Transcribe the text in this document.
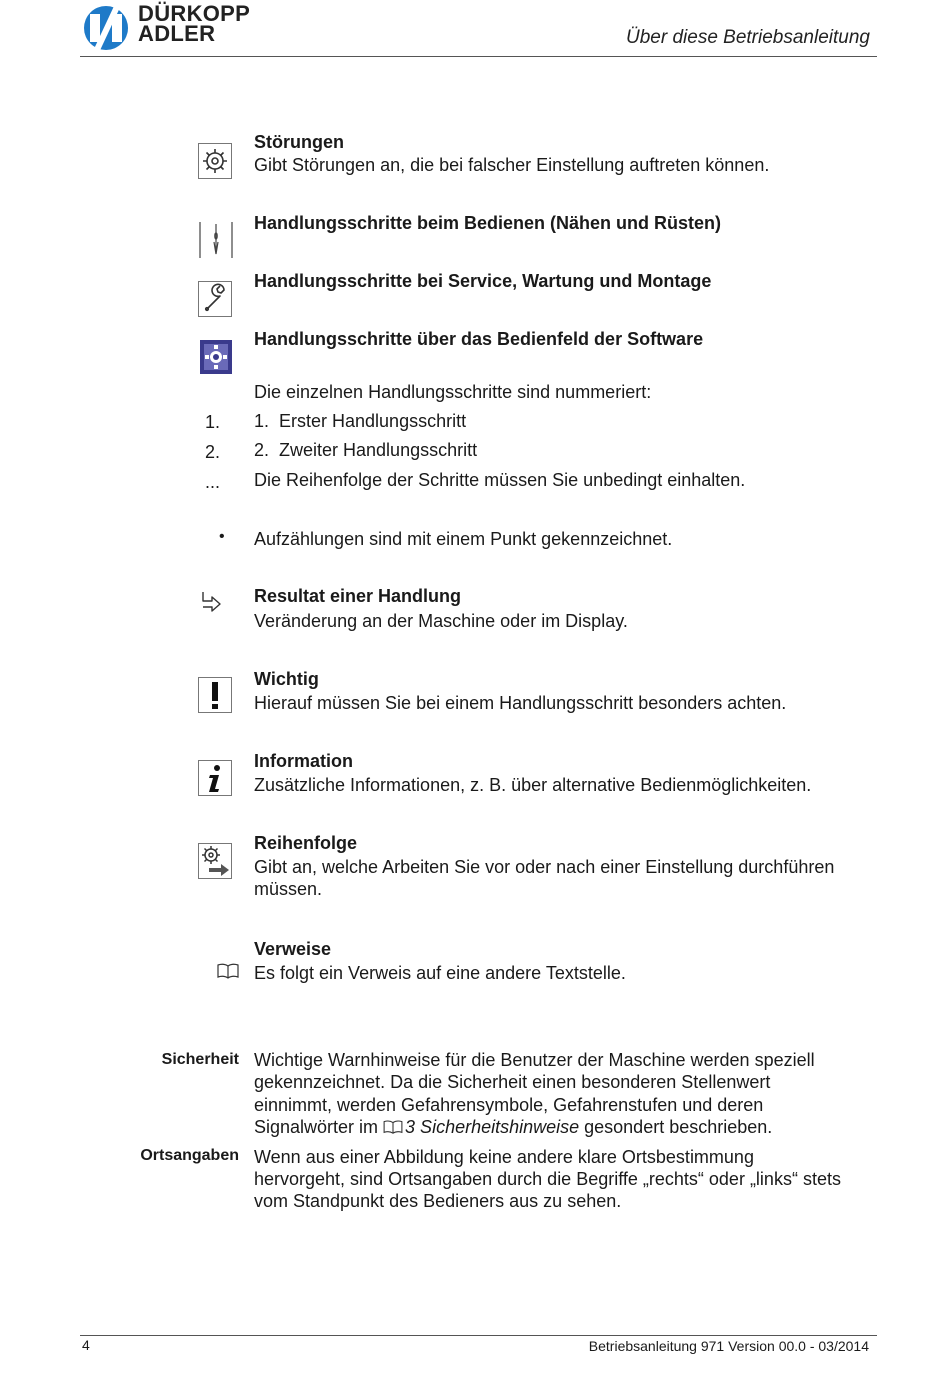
DÜRKOPP
ADLER	Über diese Betriebsanleitung
Störungen
Gibt Störungen an, die bei falscher Einstellung auftreten können.
Handlungsschritte beim Bedienen (Nähen und Rüsten)
Handlungsschritte bei Service, Wartung und Montage
Handlungsschritte über das Bedienfeld der Software
1.
2.
...
Die einzelnen Handlungsschritte sind nummeriert:
1.  Erster Handlungsschritt
2.  Zweiter Handlungsschritt
Die Reihenfolge der Schritte müssen Sie unbedingt einhalten.
• Aufzählungen sind mit einem Punkt gekennzeichnet.
Resultat einer Handlung
Veränderung an der Maschine oder im Display.
Wichtig
Hierauf müssen Sie bei einem Handlungsschritt besonders achten.
Information
Zusätzliche Informationen, z. B. über alternative Bedienmöglichkeiten.
Reihenfolge
Gibt an, welche Arbeiten Sie vor oder nach einer Einstellung durchführen
müssen.
Verweise
Es folgt ein Verweis auf eine andere Textstelle.
Sicherheit Wichtige Warnhinweise für die Benutzer der Maschine werden speziell
gekennzeichnet. Da die Sicherheit einen besonderen Stellenwert
einnimmt, werden Gefahrensymbole, Gefahrenstufen und deren
Signalwörter im 3 Sicherheitshinweise gesondert beschrieben.
Ortsangaben Wenn aus einer Abbildung keine andere klare Ortsbestimmung
hervorgeht, sind Ortsangaben durch die Begriffe „rechts“ oder „links“ stets
vom Standpunkt des Bedieners aus zu sehen.
4	Betriebsanleitung 971 Version 00.0 - 03/2014
